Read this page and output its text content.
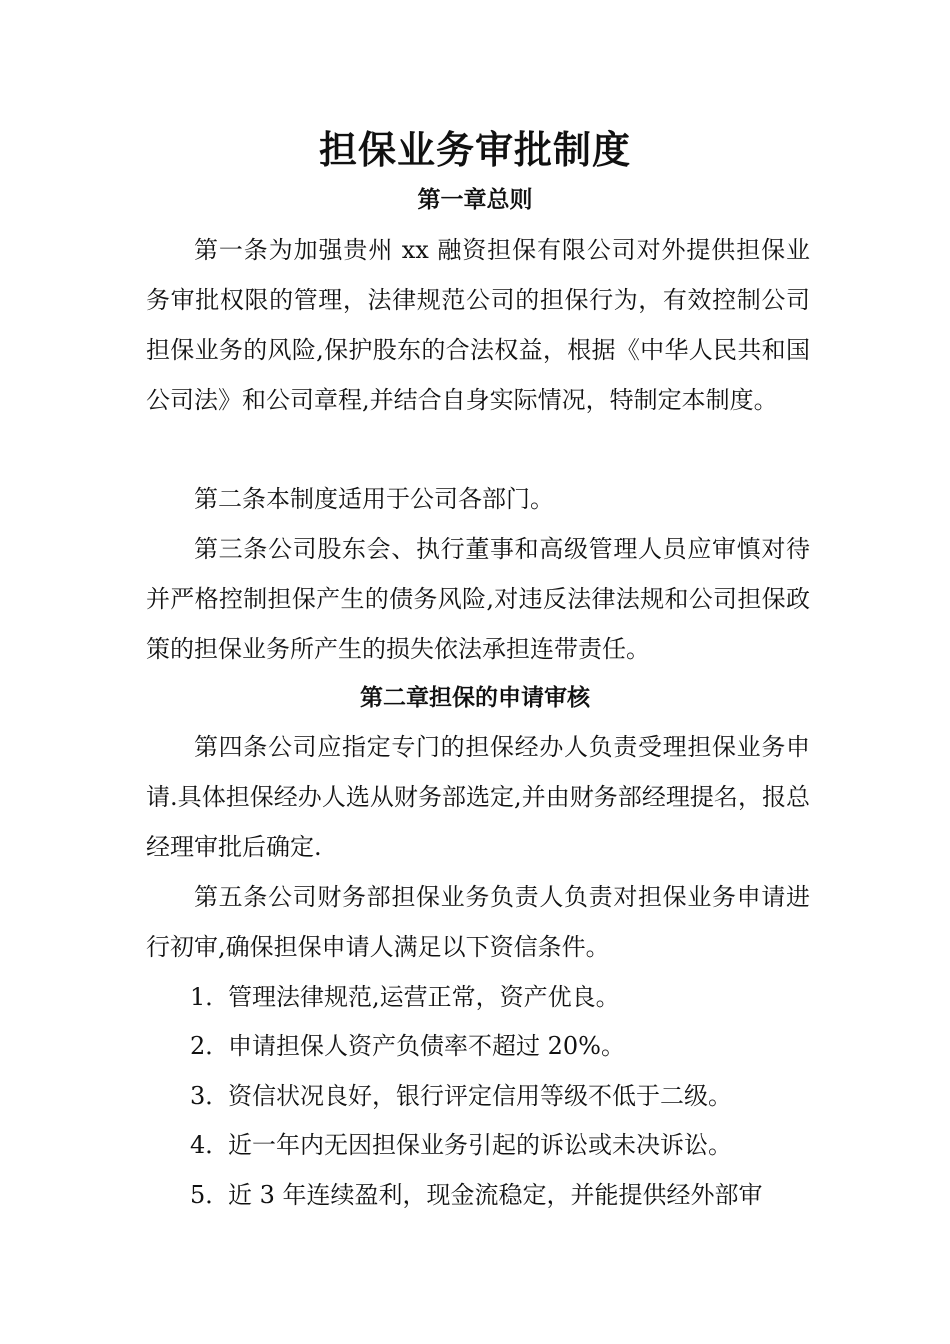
担保业务审批制度
第一章总则

第一条为加强贵州 xx 融资担保有限公司对外提供担保业务审批权限的管理，法律规范公司的担保行为，有效控制公司担保业务的风险,保护股东的合法权益，根据《中华人民共和国公司法》和公司章程,并结合自身实际情况，特制定本制度。

第二条本制度适用于公司各部门。

第三条公司股东会、执行董事和高级管理人员应审慎对待并严格控制担保产生的债务风险,对违反法律法规和公司担保政策的担保业务所产生的损失依法承担连带责任。

第二章担保的申请审核

第四条公司应指定专门的担保经办人负责受理担保业务申请.具体担保经办人选从财务部选定,并由财务部经理提名，报总经理审批后确定.

第五条公司财务部担保业务负责人负责对担保业务申请进行初审,确保担保申请人满足以下资信条件。

1．管理法律规范,运营正常，资产优良。

2．申请担保人资产负债率不超过 20%。

3．资信状况良好，银行评定信用等级不低于二级。

4．近一年内无因担保业务引起的诉讼或未决诉讼。

5．近 3 年连续盈利，现金流稳定，并能提供经外部审
